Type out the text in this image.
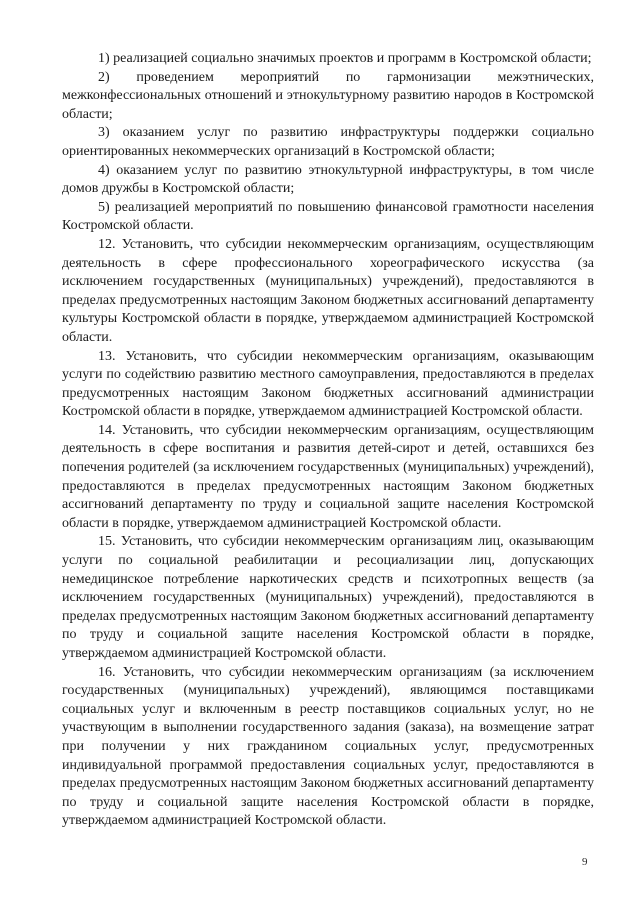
1) реализацией социально значимых проектов и программ в Костромской области;

2) проведением мероприятий по гармонизации межэтнических, межконфессиональных отношений и этнокультурному развитию народов в Костромской области;

3) оказанием услуг по развитию инфраструктуры поддержки социально ориентированных некоммерческих организаций в Костромской области;

4) оказанием услуг по развитию этнокультурной инфраструктуры, в том числе домов дружбы в Костромской области;

5) реализацией мероприятий по повышению финансовой грамотности населения Костромской области.

12. Установить, что субсидии некоммерческим организациям, осуществляющим деятельность в сфере профессионального хореографического искусства (за исключением государственных (муниципальных) учреждений), предоставляются в пределах предусмотренных настоящим Законом бюджетных ассигнований департаменту культуры Костромской области в порядке, утверждаемом администрацией Костромской области.

13. Установить, что субсидии некоммерческим организациям, оказывающим услуги по содействию развитию местного самоуправления, предоставляются в пределах предусмотренных настоящим Законом бюджетных ассигнований администрации Костромской области в порядке, утверждаемом администрацией Костромской области.

14. Установить, что субсидии некоммерческим организациям, осуществляющим деятельность в сфере воспитания и развития детей-сирот и детей, оставшихся без попечения родителей (за исключением государственных (муниципальных) учреждений), предоставляются в пределах предусмотренных настоящим Законом бюджетных ассигнований департаменту по труду и социальной защите населения Костромской области в порядке, утверждаемом администрацией Костромской области.

15. Установить, что субсидии некоммерческим организациям лиц, оказывающим услуги по социальной реабилитации и ресоциализации лиц, допускающих немедицинское потребление наркотических средств и психотропных веществ (за исключением государственных (муниципальных) учреждений), предоставляются в пределах предусмотренных настоящим Законом бюджетных ассигнований департаменту по труду и социальной защите населения Костромской области в порядке, утверждаемом администрацией Костромской области.

16. Установить, что субсидии некоммерческим организациям (за исключением государственных (муниципальных) учреждений), являющимся поставщиками социальных услуг и включенным в реестр поставщиков социальных услуг, но не участвующим в выполнении государственного задания (заказа), на возмещение затрат при получении у них гражданином социальных услуг, предусмотренных индивидуальной программой предоставления социальных услуг, предоставляются в пределах предусмотренных настоящим Законом бюджетных ассигнований департаменту по труду и социальной защите населения Костромской области в порядке, утверждаемом администрацией Костромской области.

9
